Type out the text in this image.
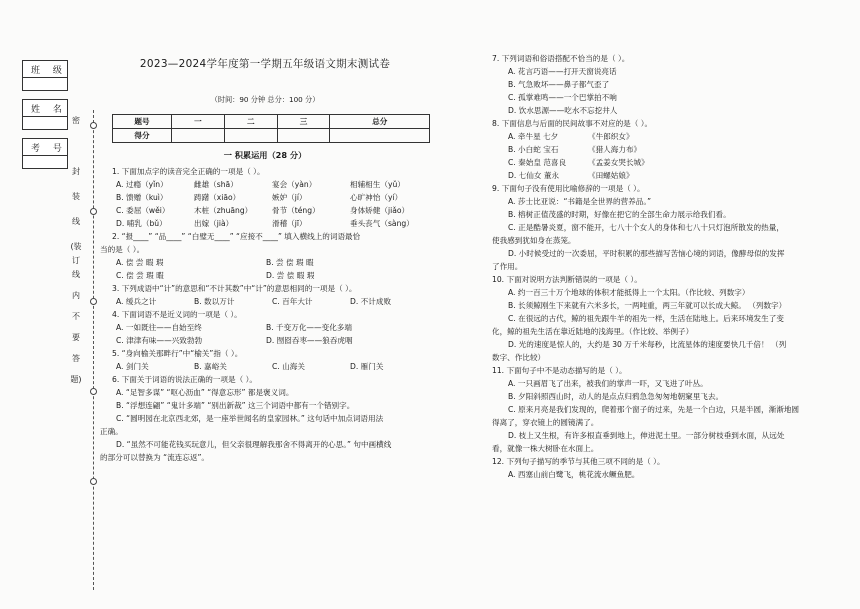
班 级
姓 名
考 号
密
封
装
线
(装
订
线
内
不
要
答
题)

2023—2024学年度第一学期五年级语文期末测试卷

（时间：90 分钟 总分：100 分）

题号	一	二	三	总分
得分				

一 积累运用（28 分）

1. 下面加点字的读音完全正确的一项是（ ）。

A. 过瘾（yǐn）	雌雄（shā）	宴会（yàn）	相辅相生（yǔ）

B. 馈赠（kuì）	踌躇（xiāo）	嫉妒（jí）	心旷神怡（yí）

C. 委屈（wěi）	木桩（zhuāng）	骨节（téng）	身体矫健（jiǎo）

D. 哺乳（bǔ）	出嫁（jià）	滑稽（jī）	垂头丧气（sàng）

2. “报____” “品____” “白璧无____” “应接不____” 填入横线上的词语最恰

当的是（ ）。

A. 偿 尝 暇 瑕	B. 尝 偿 瑕 暇

C. 偿 尝 瑕 暇	D. 尝 偿 暇 瑕

3. 下列成语中“计”的意思和“不计其数”中“计”的意思相同的一项是（ ）。

A. 缓兵之计	B. 数以万计	C. 百年大计	D. 不计成败

4. 下面词语不是近义词的一项是（ ）。

A. 一如既往——自始至终	B. 千变万化——变化多端

C. 津津有味——兴致勃勃	D. 囫囵吞枣——狼吞虎咽

5. “身向榆关那畔行”中“榆关”指（ ）。

A. 剑门关	B. 嘉峪关	C. 山海关	D. 雁门关

6. 下面关于词语的说法正确的一项是（ ）。

A. “足智多谋” “呕心沥血” “得意忘形” 都是褒义词。

B. “浮想连翩” “鬼计多端” “别出新裁” 这三个词语中都有一个错别字。

C. “圆明园在北京西北郊，是一座举世闻名的皇家园林。” 这句话中加点词语用法

正确。

D. “虽然不可能花钱买玩意儿，但父亲很理解我那舍不得离开的心思。” 句中画横线

的部分可以替换为 “流连忘返”。

7. 下列词语和俗语搭配不恰当的是（ ）。

A. 花言巧语——打开天窗说亮话

B. 气急败坏——鼻子都气歪了

C. 孤掌难鸣——一个巴掌拍不响

D. 饮水思源——吃水不忘挖井人

8. 下面信息与后面的民间故事不对应的是（ ）。

A. 牵牛星 七夕	《牛郎织女》

B. 小白蛇 宝石	《猎人海力布》

C. 秦始皇 范喜良	《孟姜女哭长城》

D. 七仙女 董永	《田螺姑娘》

9. 下面句子没有使用比喻修辞的一项是（ ）。

A. 莎士比亚说：“书籍是全世界的营养品。”

B. 榕树正值茂盛的时期，好像在把它的全部生命力展示给我们看。

C. 正是酷暑炎夏，窗不能开，七八十个女人的身体和七八十只灯泡所散发的热量，

使我感到犹如身在蒸笼。

D. 小时候受过的一次委屈，平时积累的那些描写苦恼心境的词语，像酵母似的发挥

了作用。

10. 下面对说明方法判断错误的一项是（ ）。

A. 约一百三十万个地球的体积才能抵得上一个太阳。（作比较、列数字）

B. 长须鲸刚生下来就有六米多长，一两吨重，两三年就可以长成大鲸。 （列数字）

C. 在很远的古代，鲸的祖先跟牛羊的祖先一样，生活在陆地上。后来环境发生了变

化，鲸的祖先生活在靠近陆地的浅海里。（作比较、举例子）

D. 光的速度是惊人的，大约是 30 万千米每秒，比流星体的速度要快几千倍！ （列

数字、作比较）

11. 下面句子中不是动态描写的是（ ）。

A. 一只画眉飞了出来，被我们的掌声一吓，又飞进了叶丛。

B. 夕阳斜照西山时，动人的是点点归鸦急急匆匆地朝窠里飞去。

C. 原来月亮是我们发现的，爬着那个窗子的过来，先是一个白边，只是半圆，渐渐地圆

得离了，穿衣镜上的圆镜满了。

D. 枝上又生根，有许多根直垂到地上，伸进泥土里。一部分树枝垂到水面，从远处

看，就像一株大树卧在水面上。

12. 下列句子描写的季节与其他三项不同的是（ ）。

A. 西塞山前白鹭飞，桃花流水鳜鱼肥。
